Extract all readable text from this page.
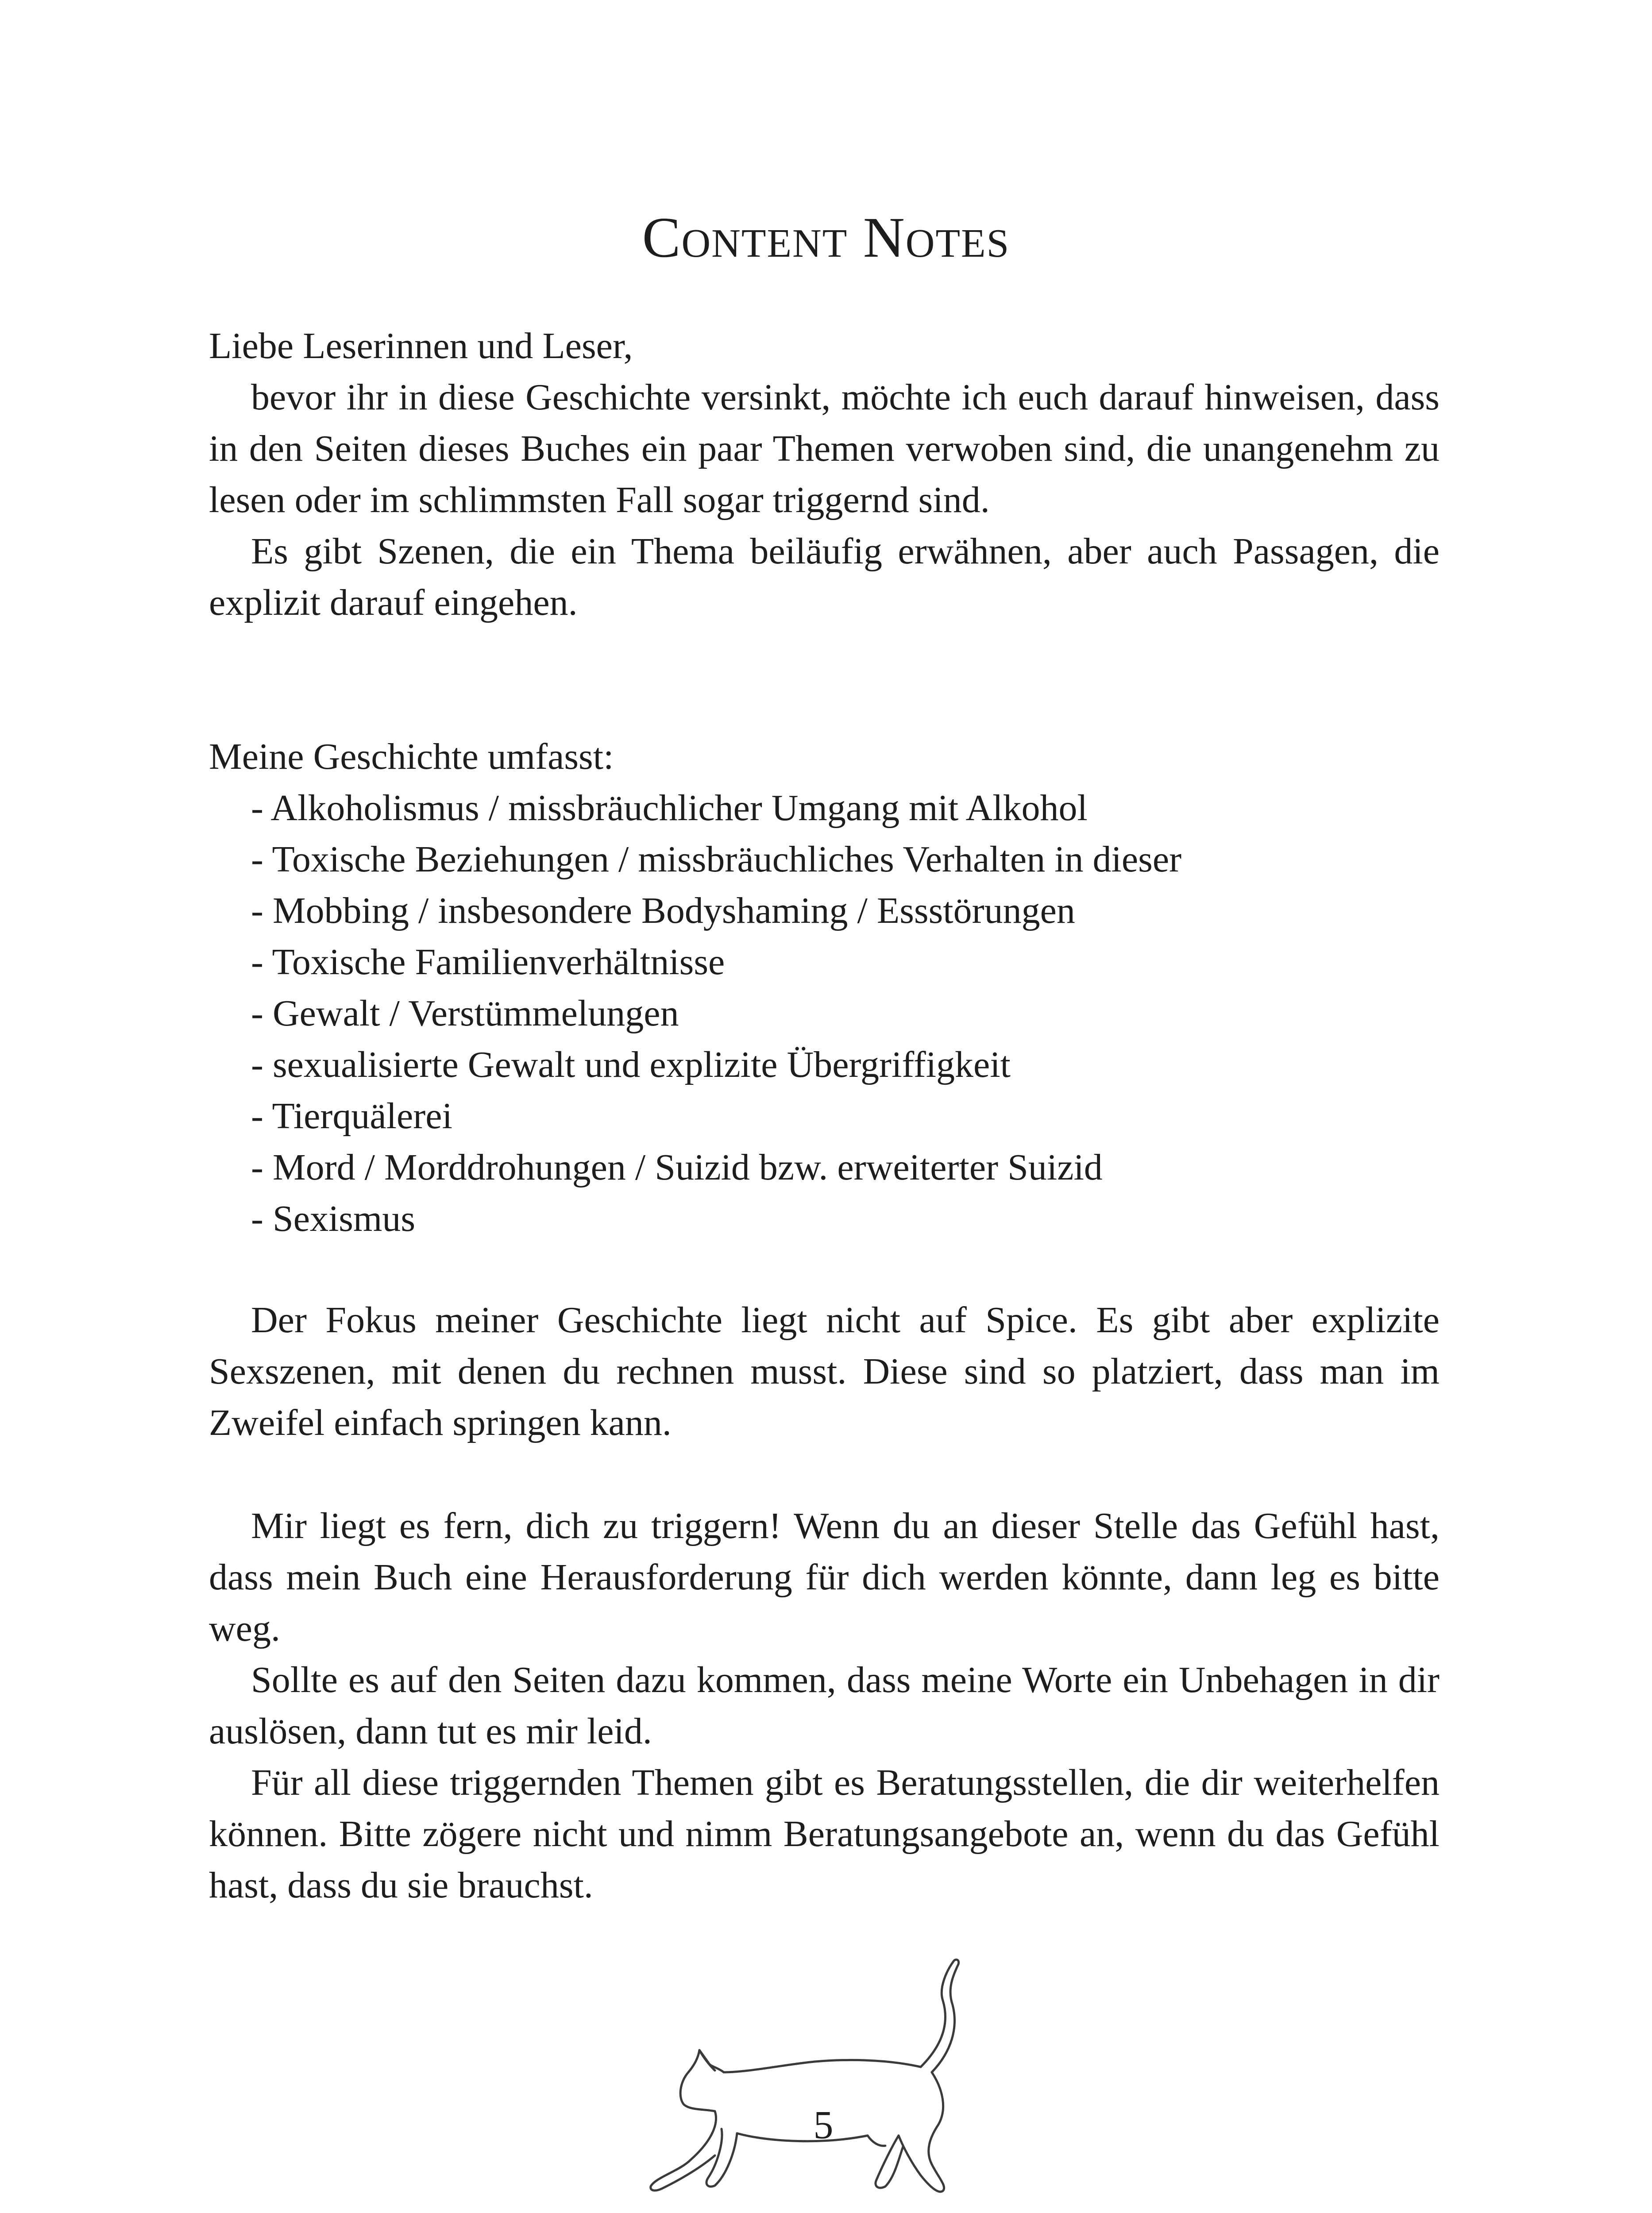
Content Notes

Liebe Leserinnen und Leser,

bevor ihr in diese Geschichte versinkt, möchte ich euch darauf hinweisen, dass in den Seiten dieses Buches ein paar Themen verwoben sind, die unangenehm zu lesen oder im schlimmsten Fall sogar triggernd sind.

Es gibt Szenen, die ein Thema beiläufig erwähnen, aber auch Passagen, die explizit darauf eingehen.

Meine Geschichte umfasst:

- Alkoholismus / missbräuchlicher Umgang mit Alkohol
- Toxische Beziehungen / missbräuchliches Verhalten in dieser
- Mobbing / insbesondere Bodyshaming / Essstörungen
- Toxische Familienverhältnisse
- Gewalt / Verstümmelungen
- sexualisierte Gewalt und explizite Übergriffigkeit
- Tierquälerei
- Mord / Morddrohungen / Suizid bzw. erweiterter Suizid
- Sexismus

Der Fokus meiner Geschichte liegt nicht auf Spice. Es gibt aber explizite Sexszenen, mit denen du rechnen musst. Diese sind so platziert, dass man im Zweifel einfach springen kann.

Mir liegt es fern, dich zu triggern! Wenn du an dieser Stelle das Gefühl hast, dass mein Buch eine Herausforderung für dich werden könnte, dann leg es bitte weg.

Sollte es auf den Seiten dazu kommen, dass meine Worte ein Unbehagen in dir auslösen, dann tut es mir leid.

Für all diese triggernden Themen gibt es Beratungsstellen, die dir weiterhelfen können. Bitte zögere nicht und nimm Beratungsangebote an, wenn du das Gefühl hast, dass du sie brauchst.

5
